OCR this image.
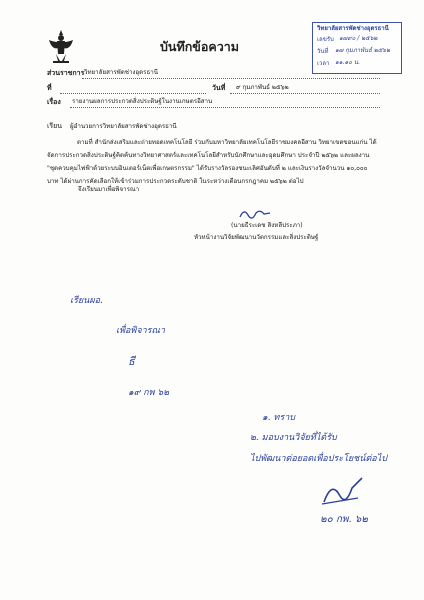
บันทึกข้อความ
วิทยาลัยสารพัดช่างอุดรธานี
เลขรับ ๑๗๙๐ / ๒๕๖๒
วันที่ ๑๗ กุมภาพันธ์ ๒๕๖๒
เวลา ๑๑.๑๐ น.
ส่วนราชการ วิทยาลัยสารพัดช่างอุดรธานี
ที่	วันที่ ๙ กุมภาพันธ์ ๒๕๖๒
เรื่อง รายงานผลการประกวดสิ่งประดิษฐ์ในงานเกษตรอีสาน
เรียน ผู้อำนวยการวิทยาลัยสารพัดช่างอุดรธานี
ตามที่ สำนักส่งเสริมและถ่ายทอดเทคโนโลยี ร่วมกับมหาวิทยาลัยเทคโนโลยีราชมงคลอีสาน วิทยาเขตขอนแก่น ได้จัดการประกวดสิ่งประดิษฐ์คิดค้นทางวิทยาศาสตร์และเทคโนโลยีสำหรับนักศึกษาและอุดมศึกษา ประจำปี ๒๕๖๒ และผลงาน "ชุดควบคุมไฟฟ้าด้วยระบบอินเตอร์เน็ตเพื่อเกษตรกรรม" ได้รับรางวัลรองชนะเลิศอันดับที่ ๒ และเงินรางวัลจำนวน ๑๐,๐๐๐ บาท ได้ผ่านการคัดเลือกให้เข้าร่วมการประกวดระดับชาติ ในระหว่างเดือนกรกฎาคม ๒๕๖๒ ต่อไป
จึงเรียนมาเพื่อพิจารณา
(นายธีระเดช สิงหลีประภา)
หัวหน้างานวิจัยพัฒนานวัตกรรมและสิ่งประดิษฐ์
เรียนผอ.
เพื่อพิจารณา
ธี
๑๙ กพ ๖๒
๑. ทราบ
๒. มอบงานวิจัยที่ได้รับ
ไปพัฒนาต่อยอดเพื่อประโยชน์ต่อไป
๒๐ กพ. ๖๒
